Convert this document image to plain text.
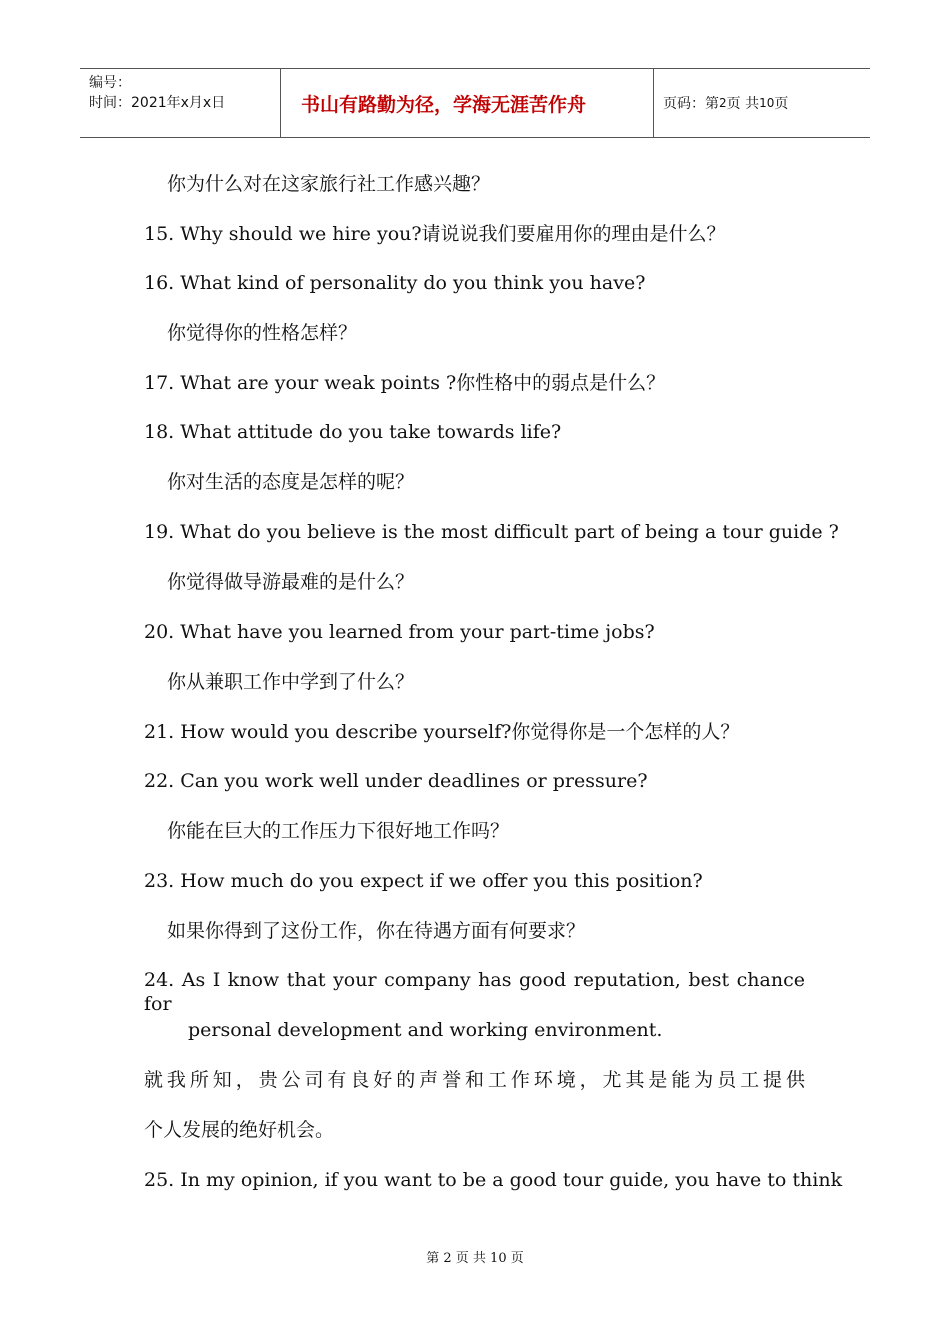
编号：
时间：2021年x月x日	书山有路勤为径，学海无涯苦作舟	页码：第 2 页 共 10 页
你为什么对在这家旅行社工作感兴趣？
15. Why should we hire you?请说说我们要雇用你的理由是什么？
16. What kind of personality do you think you have?
你觉得你的性格怎样？
17. What are your weak points ?你性格中的弱点是什么？
18. What attitude do you take towards life?
你对生活的态度是怎样的呢？
19. What do you believe is the most difficult part of being a tour guide ?
你觉得做导游最难的是什么？
20. What have you learned from your part-time jobs?
你从兼职工作中学到了什么？
21. How would you describe yourself?你觉得你是一个怎样的人？
22. Can you work well under deadlines or pressure?
你能在巨大的工作压力下很好地工作吗？
23. How much do you expect if we offer you this position?
如果你得到了这份工作，你在待遇方面有何要求？
24. As I know that your company has good reputation, best chance for
personal development and working environment.
就我所知，贵公司有良好的声誉和工作环境，尤其是能为员工提供
个人发展的绝好机会。
25. In my opinion, if you want to be a good tour guide, you have to think
第 2 页 共 10 页
